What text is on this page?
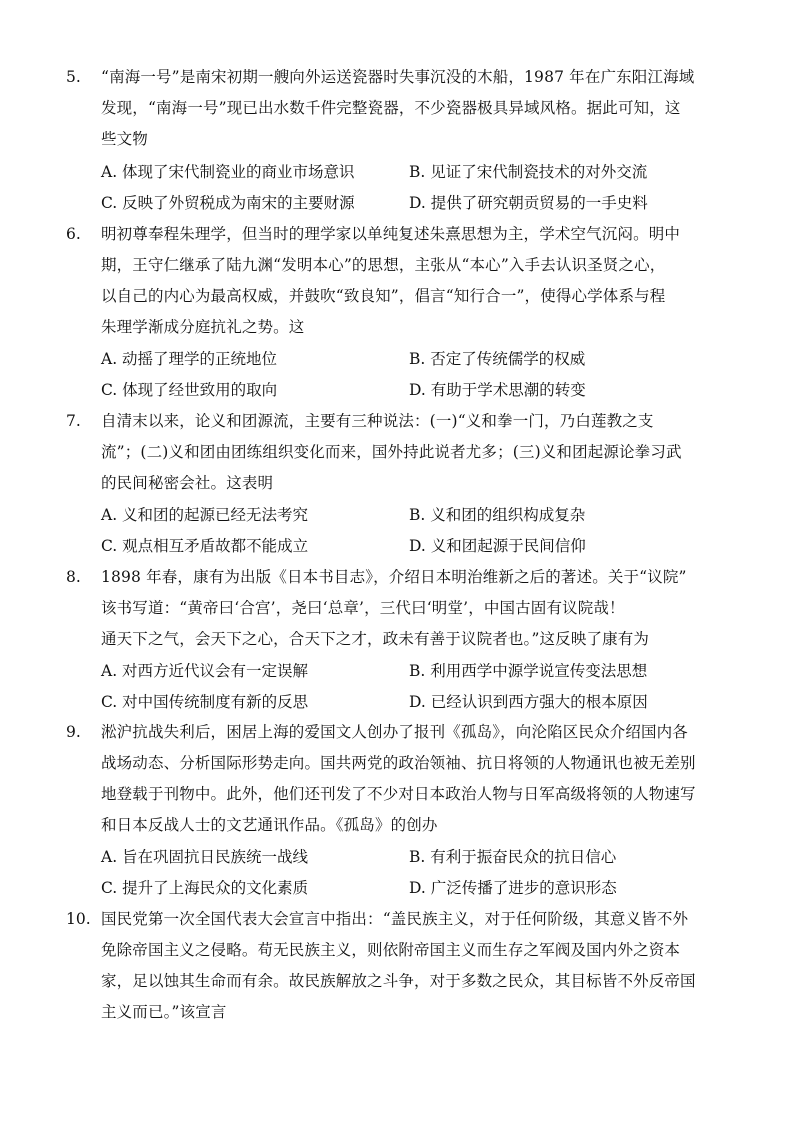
5.	“南海一号”是南宋初期一艘向外运送瓷器时失事沉没的木船，1987 年在广东阳江海域
发现，“南海一号”现已出水数千件完整瓷器，不少瓷器极具异域风格。据此可知，这
些文物
A. 体现了宋代制瓷业的商业市场意识	B. 见证了宋代制瓷技术的对外交流
C. 反映了外贸税成为南宋的主要财源	D. 提供了研究朝贡贸易的一手史料
6.	明初尊奉程朱理学，但当时的理学家以单纯复述朱熹思想为主，学术空气沉闷。明中
期，王守仁继承了陆九渊“发明本心”的思想，主张从“本心”入手去认识圣贤之心，
以自己的内心为最高权威，并鼓吹“致良知”，倡言“知行合一”，使得心学体系与程
朱理学渐成分庭抗礼之势。这
A. 动摇了理学的正统地位	B. 否定了传统儒学的权威
C. 体现了经世致用的取向	D. 有助于学术思潮的转变
7.	自清末以来，论义和团源流，主要有三种说法：(一)“义和拳一门，乃白莲教之支
流”；(二)义和团由团练组织变化而来，国外持此说者尤多；(三)义和团起源论拳习武
的民间秘密会社。这表明
A. 义和团的起源已经无法考究	B. 义和团的组织构成复杂
C. 观点相互矛盾故都不能成立	D. 义和团起源于民间信仰
8.	1898 年春，康有为出版《日本书目志》，介绍日本明治维新之后的著述。关于“议院”
该书写道：“黄帝曰‘合宫’，尧曰‘总章’，三代曰‘明堂’，中国古固有议院哉！
通天下之气，会天下之心，合天下之才，政未有善于议院者也。”这反映了康有为
A. 对西方近代议会有一定误解	B. 利用西学中源学说宣传变法思想
C. 对中国传统制度有新的反思	D. 已经认识到西方强大的根本原因
9.	淞沪抗战失利后，困居上海的爱国文人创办了报刊《孤岛》，向沦陷区民众介绍国内各
战场动态、分析国际形势走向。国共两党的政治领袖、抗日将领的人物通讯也被无差别
地登载于刊物中。此外，他们还刊发了不少对日本政治人物与日军高级将领的人物速写
和日本反战人士的文艺通讯作品。《孤岛》的创办
A. 旨在巩固抗日民族统一战线	B. 有利于振奋民众的抗日信心
C. 提升了上海民众的文化素质	D. 广泛传播了进步的意识形态
10. 国民党第一次全国代表大会宣言中指出：“盖民族主义，对于任何阶级，其意义皆不外
免除帝国主义之侵略。苟无民族主义，则依附帝国主义而生存之军阀及国内外之资本
家，足以蚀其生命而有余。故民族解放之斗争，对于多数之民众，其目标皆不外反帝国
主义而已。”该宣言
